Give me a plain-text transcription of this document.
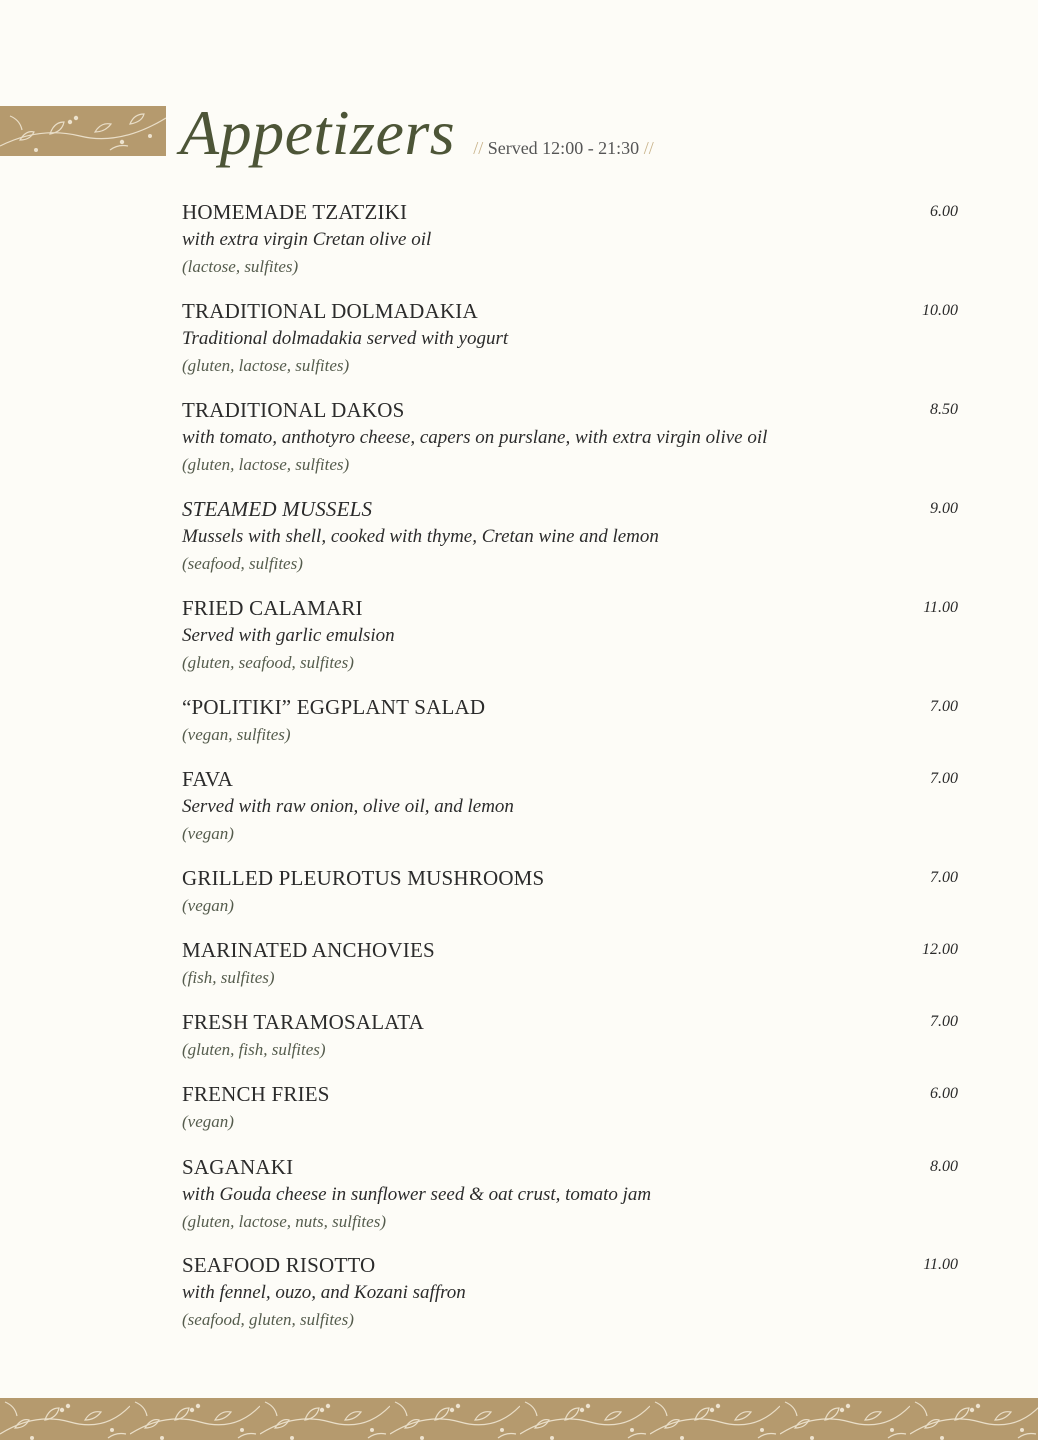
Appetizers // Served 12:00 - 21:30 //
HOMEMADE TZATZIKI	6.00
with extra virgin Cretan olive oil
(lactose, sulfites)
TRADITIONAL DOLMADAKIA	10.00
Traditional dolmadakia served with yogurt
(gluten, lactose, sulfites)
TRADITIONAL DAKOS	8.50
with tomato, anthotyro cheese, capers on purslane, with extra virgin olive oil
(gluten, lactose, sulfites)
STEAMED MUSSELS	9.00
Mussels with shell, cooked with thyme, Cretan wine and lemon
(seafood, sulfites)
FRIED CALAMARI	11.00
Served with garlic emulsion
(gluten, seafood, sulfites)
“POLITIKI” EGGPLANT SALAD	7.00
(vegan, sulfites)
FAVA	7.00
Served with raw onion, olive oil, and lemon
(vegan)
GRILLED PLEUROTUS MUSHROOMS	7.00
(vegan)
MARINATED ANCHOVIES	12.00
(fish, sulfites)
FRESH TARAMOSALATA	7.00
(gluten, fish, sulfites)
FRENCH FRIES	6.00
(vegan)
SAGANAKI	8.00
with Gouda cheese in sunflower seed & oat crust, tomato jam
(gluten, lactose, nuts, sulfites)
SEAFOOD RISOTTO	11.00
with fennel, ouzo, and Kozani saffron
(seafood, gluten, sulfites)
